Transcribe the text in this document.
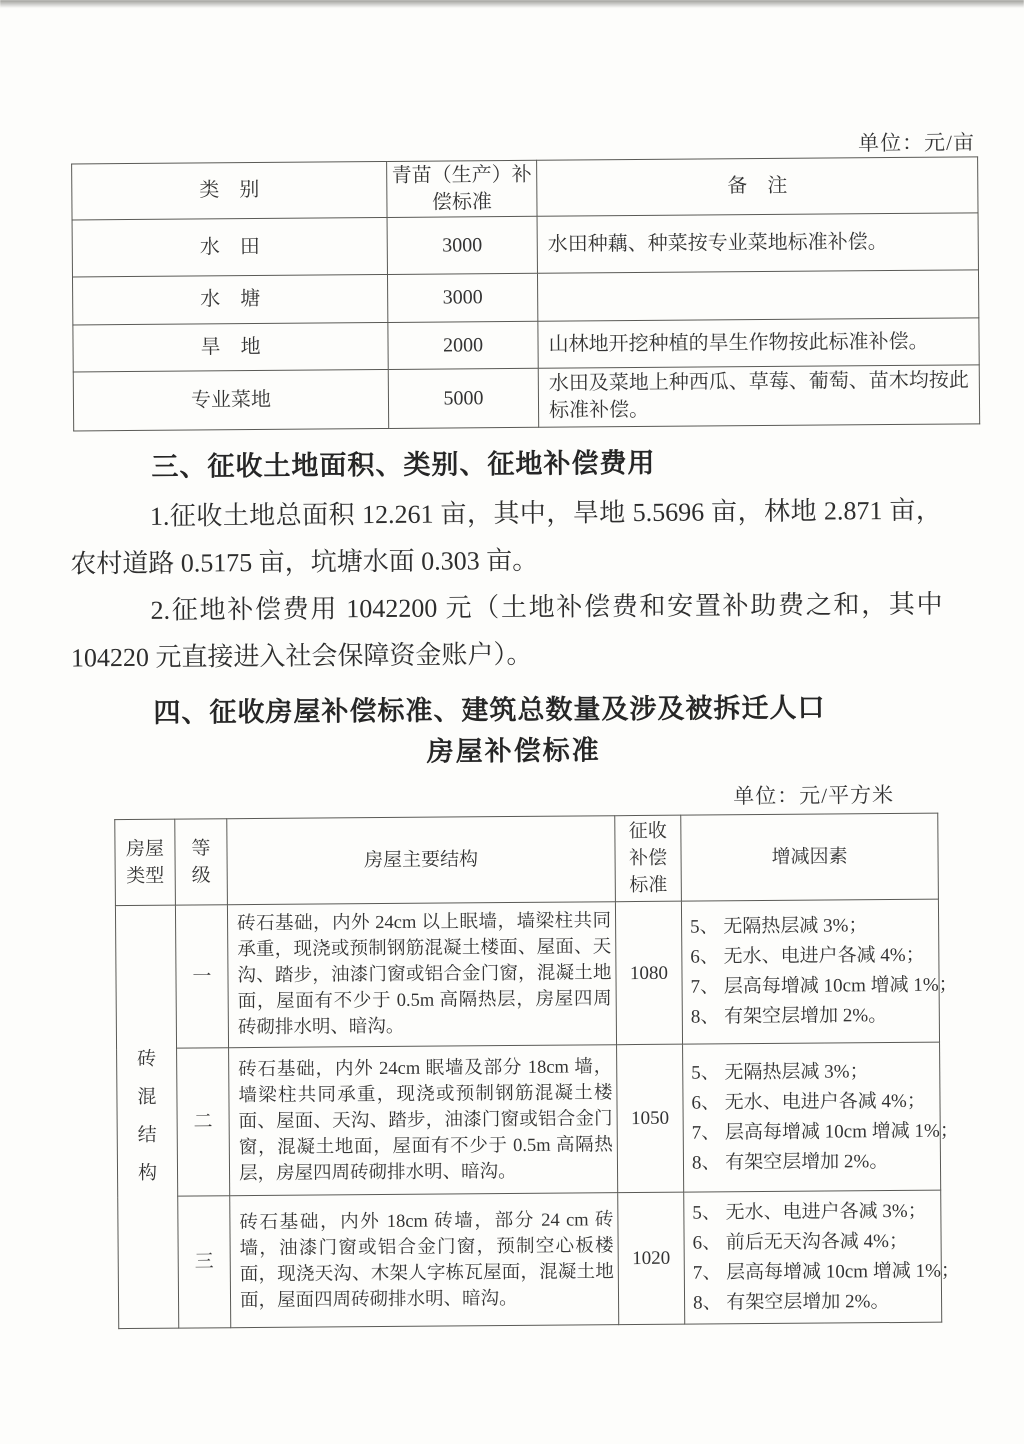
单位：元/亩
类　别	青苗（生产）补偿标准	备　注
水　田	3000	水田种藕、种菜按专业菜地标准补偿。
水　塘	3000	
旱　地	2000	山林地开挖种植的旱生作物按此标准补偿。
专业菜地	5000	水田及菜地上种西瓜、草莓、葡萄、苗木均按此标准补偿。
三、征收土地面积、类别、征地补偿费用

1.征收土地总面积 12.261 亩，其中，旱地 5.5696 亩，林地 2.871 亩，农村道路 0.5175 亩，坑塘水面 0.303 亩。

2.征地补偿费用 1042200 元（土地补偿费和安置补助费之和，其中 104220 元直接进入社会保障资金账户）。

四、征收房屋补偿标准、建筑总数量及涉及被拆迁人口
房屋补偿标准
单位：元/平方米
房屋类型	等级	房屋主要结构	征收补偿标准	增减因素

砖混结构	一	砖石基础，内外 24cm 以上眠墙，墙梁柱共同承重，现浇或预制钢筋混凝土楼面、屋面、天沟、踏步，油漆门窗或铝合金门窗，混凝土地面，屋面有不少于 0.5m 高隔热层，房屋四周砖砌排水明、暗沟。	1080	5、 无隔热层减 3%；
6、 无水、电进户各减 4%；
7、 层高每增减 10cm 增减 1%；
8、 有架空层增加 2%。

	二	砖石基础，内外 24cm 眠墙及部分 18cm 墙，墙梁柱共同承重，现浇或预制钢筋混凝土楼面、屋面、天沟、踏步，油漆门窗或铝合金门窗，混凝土地面，屋面有不少于 0.5m 高隔热层，房屋四周砖砌排水明、暗沟。	1050	5、 无隔热层减 3%；
6、 无水、电进户各减 4%；
7、 层高每增减 10cm 增减 1%；
8、 有架空层增加 2%。

	三	砖石基础，内外 18cm 砖墙，部分 24 cm 砖墙，油漆门窗或铝合金门窗，预制空心板楼面，现浇天沟、木架人字栋瓦屋面，混凝土地面，屋面四周砖砌排水明、暗沟。	1020	5、 无水、电进户各减 3%；
6、 前后无天沟各减 4%；
7、 层高每增减 10cm 增减 1%；
8、 有架空层增加 2%。
